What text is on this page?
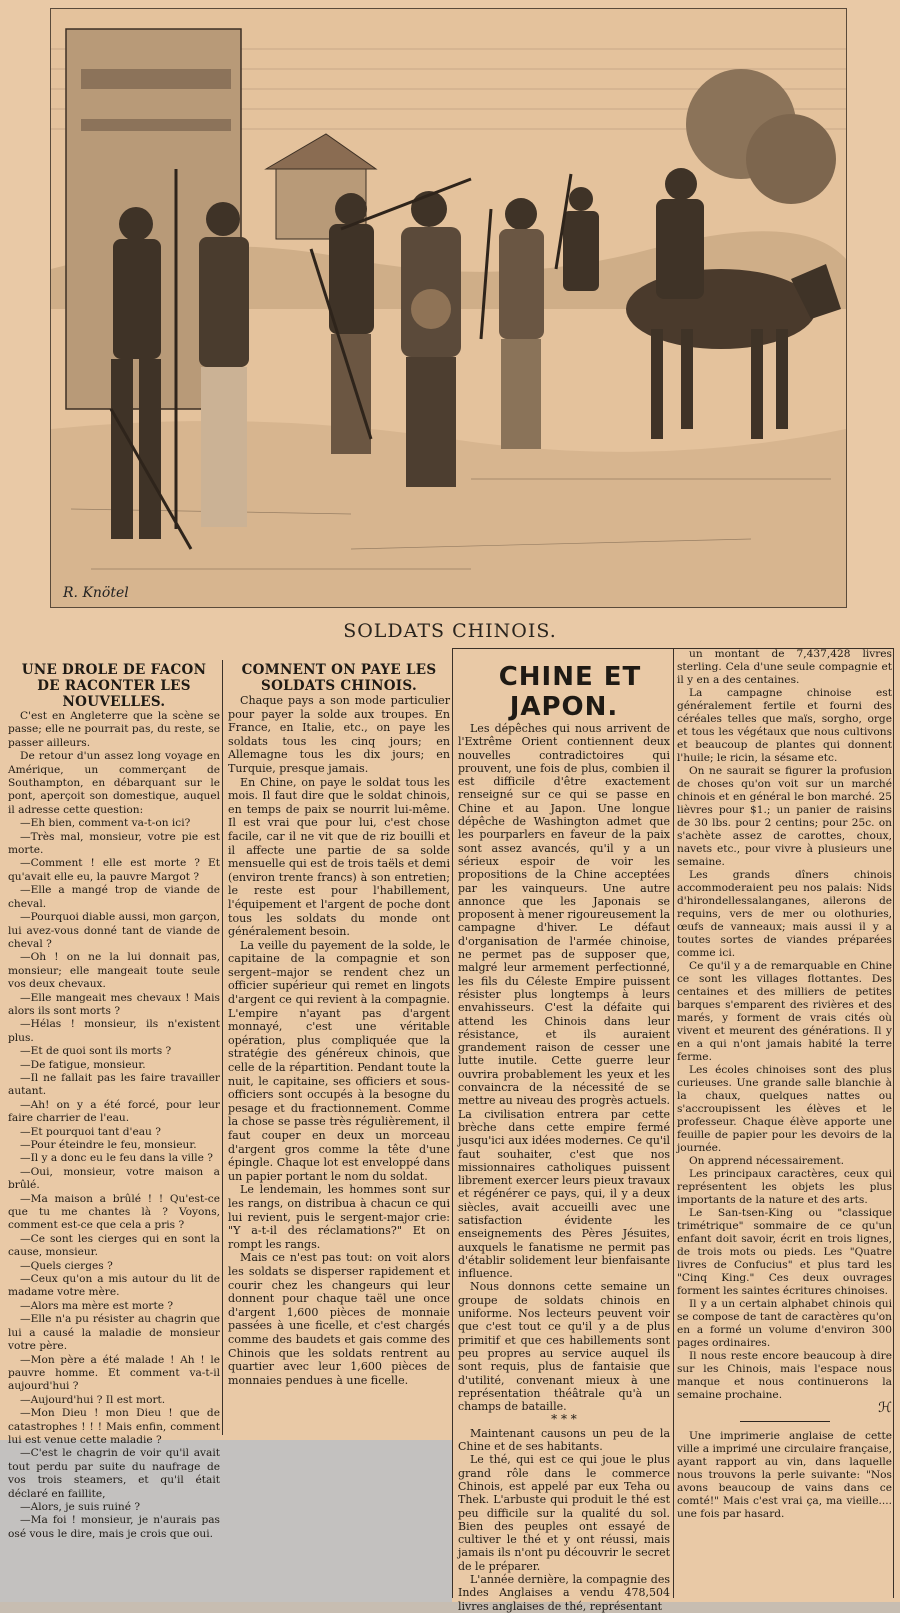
R. Knötel
SOLDATS CHINOIS.

UNE DROLE DE FACON DE RACONTER LES NOUVELLES.

C'est en Angleterre que la scène se passe; elle ne pourrait pas, du reste, se passer ailleurs.

De retour d'un assez long voyage en Amérique, un commerçant de Southampton, en débarquant sur le pont, aperçoit son domestique, auquel il adresse cette question:

—Eh bien, comment va-t-on ici?

—Très mal, monsieur, votre pie est morte.

—Comment ! elle est morte ? Et qu'avait elle eu, la pauvre Margot ?

—Elle a mangé trop de viande de cheval.

—Pourquoi diable aussi, mon garçon, lui avez-vous donné tant de viande de cheval ?

—Oh ! on ne la lui donnait pas, monsieur; elle mangeait toute seule vos deux chevaux.

—Elle mangeait mes chevaux ! Mais alors ils sont morts ?

—Hélas ! monsieur, ils n'existent plus.

—Et de quoi sont ils morts ?

—De fatigue, monsieur.

—Il ne fallait pas les faire travailler autant.

—Ah! on y a été forcé, pour leur faire charrier de l'eau.

—Et pourquoi tant d'eau ?

—Pour éteindre le feu, monsieur.

—Il y a donc eu le feu dans la ville ?

—Oui, monsieur, votre maison a brûlé.

—Ma maison a brûlé ! ! Qu'est-ce que tu me chantes là ? Voyons, comment est-ce que cela a pris ?

—Ce sont les cierges qui en sont la cause, monsieur.

—Quels cierges ?

—Ceux qu'on a mis autour du lit de madame votre mère.

—Alors ma mère est morte ?

—Elle n'a pu résister au chagrin que lui a causé la maladie de monsieur votre père.

—Mon père a été malade ! Ah ! le pauvre homme. Et comment va-t-il aujourd'hui ?

—Aujourd'hui ? Il est mort.

—Mon Dieu ! mon Dieu ! que de catastrophes ! ! ! Mais enfin, comment lui est venue cette maladie ?

—C'est le chagrin de voir qu'il avait tout perdu par suite du naufrage de vos trois steamers, et qu'il était déclaré en faillite,

—Alors, je suis ruiné ?

—Ma foi ! monsieur, je n'aurais pas osé vous le dire, mais je crois que oui.

COMNENT ON PAYE LES SOLDATS CHINOIS.

Chaque pays a son mode particulier pour payer la solde aux troupes. En France, en Italie, etc., on paye les soldats tous les cinq jours; en Allemagne tous les dix jours; en Turquie, presque jamais.

En Chine, on paye le soldat tous les mois. Il faut dire que le soldat chinois, en temps de paix se nourrit lui-même. Il est vrai que pour lui, c'est chose facile, car il ne vit que de riz bouilli et il affecte une partie de sa solde mensuelle qui est de trois taëls et demi (environ trente francs) à son entretien; le reste est pour l'habillement, l'équipement et l'argent de poche dont tous les soldats du monde ont généralement besoin.

La veille du payement de la solde, le capitaine de la compagnie et son sergent–major se rendent chez un officier supérieur qui remet en lingots d'argent ce qui revient à la compagnie. L'empire n'ayant pas d'argent monnayé, c'est une véritable opération, plus compliquée que la stratégie des généreux chinois, que celle de la répartition. Pendant toute la nuit, le capitaine, ses officiers et sous-officiers sont occupés à la besogne du pesage et du fractionnement. Comme la chose se passe très régulièrement, il faut couper en deux un morceau d'argent gros comme la tête d'une épingle. Chaque lot est enveloppé dans un papier portant le nom du soldat.

Le lendemain, les hommes sont sur les rangs, on distribua à chacun ce qui lui revient, puis le sergent-major crie: "Y a-t-il des réclamations?" Et on rompt les rangs.

Mais ce n'est pas tout: on voit alors les soldats se disperser rapidement et courir chez les changeurs qui leur donnent pour chaque taël une once d'argent 1,600 pièces de monnaie passées à une ficelle, et c'est chargés comme des baudets et gais comme des Chinois que les soldats rentrent au quartier avec leur 1,600 pièces de monnaies pendues à une ficelle.

CHINE ET JAPON.

Les dépêches qui nous arrivent de l'Extrême Orient contiennent deux nouvelles contradictoires qui prouvent, une fois de plus, combien il est difficile d'être exactement renseigné sur ce qui se passe en Chine et au Japon. Une longue dépêche de Washington admet que les pourparlers en faveur de la paix sont assez avancés, qu'il y a un sérieux espoir de voir les propositions de la Chine acceptées par les vainqueurs. Une autre annonce que les Japonais se proposent à mener rigoureusement la campagne d'hiver. Le défaut d'organisation de l'armée chinoise, ne permet pas de supposer que, malgré leur armement perfectionné, les fils du Céleste Empire puissent résister plus longtemps à leurs envahisseurs. C'est la défaite qui attend les Chinois dans leur résistance, et ils auraient grandement raison de cesser une lutte inutile. Cette guerre leur ouvrira probablement les yeux et les convaincra de la nécessité de se mettre au niveau des progrès actuels. La civilisation entrera par cette brèche dans cette empire fermé jusqu'ici aux idées modernes. Ce qu'il faut souhaiter, c'est que nos missionnaires catholiques puissent librement exercer leurs pieux travaux et régénérer ce pays, qui, il y a deux siècles, avait accueilli avec une satisfaction évidente les enseignements des Pères Jésuites, auxquels le fanatisme ne permit pas d'établir solidement leur bienfaisante influence.

Nous donnons cette semaine un groupe de soldats chinois en uniforme. Nos lecteurs peuvent voir que c'est tout ce qu'il y a de plus primitif et que ces habillements sont peu propres au service auquel ils sont requis, plus de fantaisie que d'utilité, convenant mieux à une représentation théâtrale qu'à un champs de bataille.

* * *

Maintenant causons un peu de la Chine et de ses habitants.

Le thé, qui est ce qui joue le plus grand rôle dans le commerce Chinois, est appelé par eux Teha ou Thek. L'arbuste qui produit le thé est peu difficile sur la qualité du sol. Bien des peuples ont essayé de cultiver le thé et y ont réussi, mais jamais ils n'ont pu découvrir le secret de le préparer.

L'année dernière, la compagnie des Indes Anglaises a vendu 478,504 livres anglaises de thé, représentant

un montant de 7,437,428 livres sterling. Cela d'une seule compagnie et il y en a des centaines.

La campagne chinoise est généralement fertile et fourni des céréales telles que maïs, sorgho, orge et tous les végétaux que nous cultivons et beaucoup de plantes qui donnent l'huile; le ricin, la sésame etc.

On ne saurait se figurer la profusion de choses qu'on voit sur un marché chinois et en général le bon marché. 25 lièvres pour $1.; un panier de raisins de 30 lbs. pour 2 centins; pour 25c. on s'achète assez de carottes, choux, navets etc., pour vivre à plusieurs une semaine.

Les grands dîners chinois accommoderaient peu nos palais: Nids d'hirondellessalanganes, ailerons de requins, vers de mer ou olothuries, œufs de vanneaux; mais aussi il y a toutes sortes de viandes préparées comme ici.

Ce qu'il y a de remarquable en Chine ce sont les villages flottantes. Des centaines et des milliers de petites barques s'emparent des rivières et des marés, y forment de vrais cités où vivent et meurent des générations. Il y en a qui n'ont jamais habité la terre ferme.

Les écoles chinoises sont des plus curieuses. Une grande salle blanchie à la chaux, quelques nattes ou s'accroupissent les élèves et le professeur. Chaque élève apporte une feuille de papier pour les devoirs de la journée.

On apprend nécessairement.

Les principaux caractères, ceux qui représentent les objets les plus importants de la nature et des arts.

Le San-tsen-King ou "classique trimétrique" sommaire de ce qu'un enfant doit savoir, écrit en trois lignes, de trois mots ou pieds. Les "Quatre livres de Confucius" et plus tard les "Cinq King." Ces deux ouvrages forment les saintes écritures chinoises.

Il y a un certain alphabet chinois qui se compose de tant de caractères qu'on en a formé un volume d'environ 300 pages ordinaires.

Il nous reste encore beaucoup à dire sur les Chinois, mais l'espace nous manque et nous continuerons la semaine prochaine.

ℋ

Une imprimerie anglaise de cette ville a imprimé une circulaire française, ayant rapport au vin, dans laquelle nous trouvons la perle suivante: "Nos avons beaucoup de vains dans ce comté!" Mais c'est vrai ça, ma vieille.... une fois par hasard.
